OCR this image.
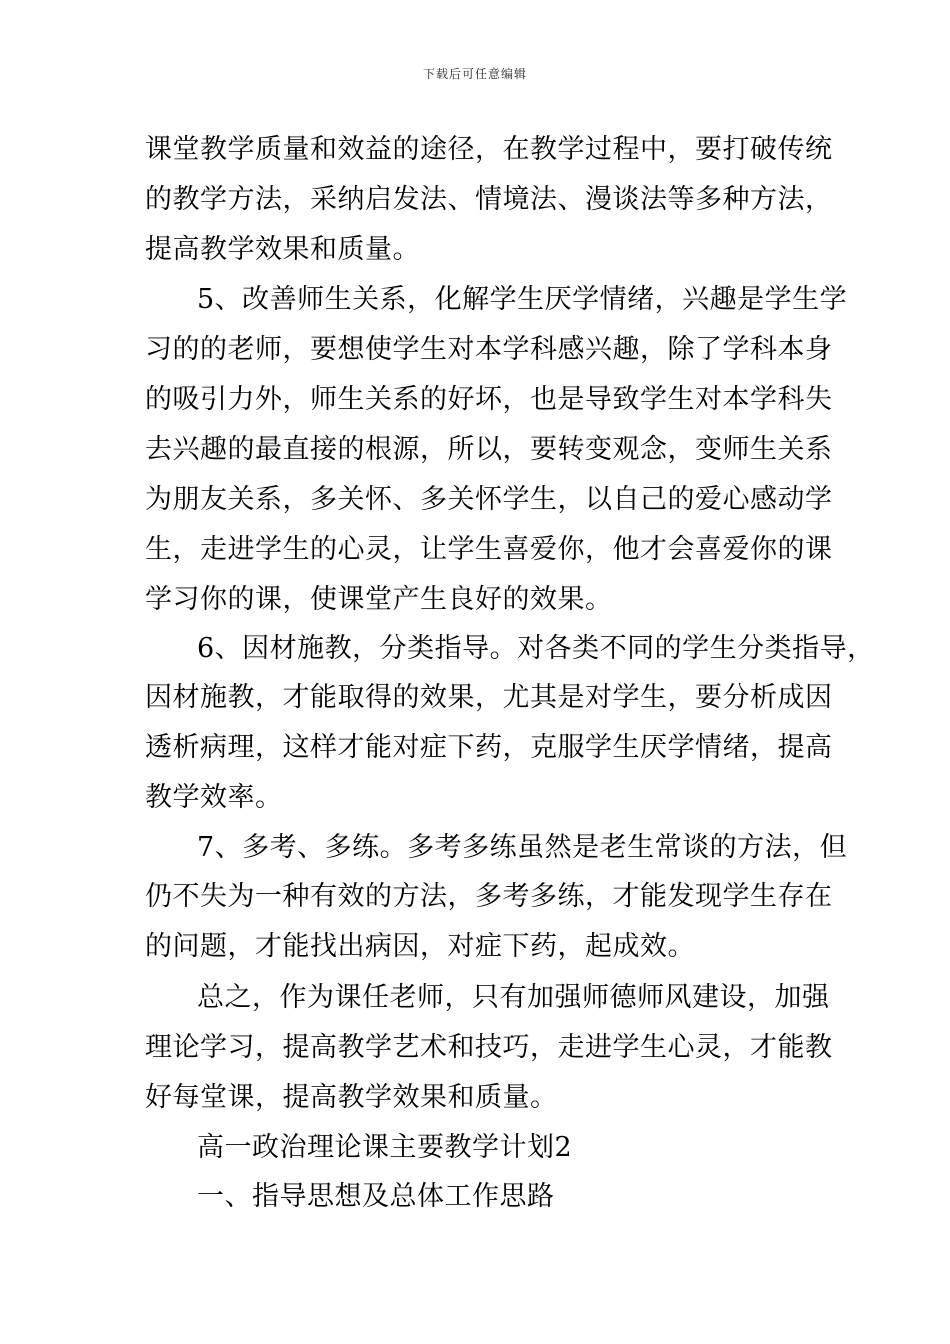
下载后可任意编辑
课堂教学质量和效益的途径，在教学过程中，要打破传统
的教学方法，采纳启发法、情境法、漫谈法等多种方法，
提高教学效果和质量。
5、改善师生关系，化解学生厌学情绪，兴趣是学生学
习的的老师，要想使学生对本学科感兴趣，除了学科本身
的吸引力外，师生关系的好坏，也是导致学生对本学科失
去兴趣的最直接的根源，所以，要转变观念，变师生关系
为朋友关系，多关怀、多关怀学生，以自己的爱心感动学
生，走进学生的心灵，让学生喜爱你，他才会喜爱你的课
学习你的课，使课堂产生良好的效果。
6、因材施教，分类指导。对各类不同的学生分类指导，
因材施教，才能取得的效果，尤其是对学生，要分析成因
透析病理，这样才能对症下药，克服学生厌学情绪，提高
教学效率。
7、多考、多练。多考多练虽然是老生常谈的方法，但
仍不失为一种有效的方法，多考多练，才能发现学生存在
的问题，才能找出病因，对症下药，起成效。
总之，作为课任老师，只有加强师德师风建设，加强
理论学习，提高教学艺术和技巧，走进学生心灵，才能教
好每堂课，提高教学效果和质量。
高一政治理论课主要教学计划2
一、指导思想及总体工作思路
